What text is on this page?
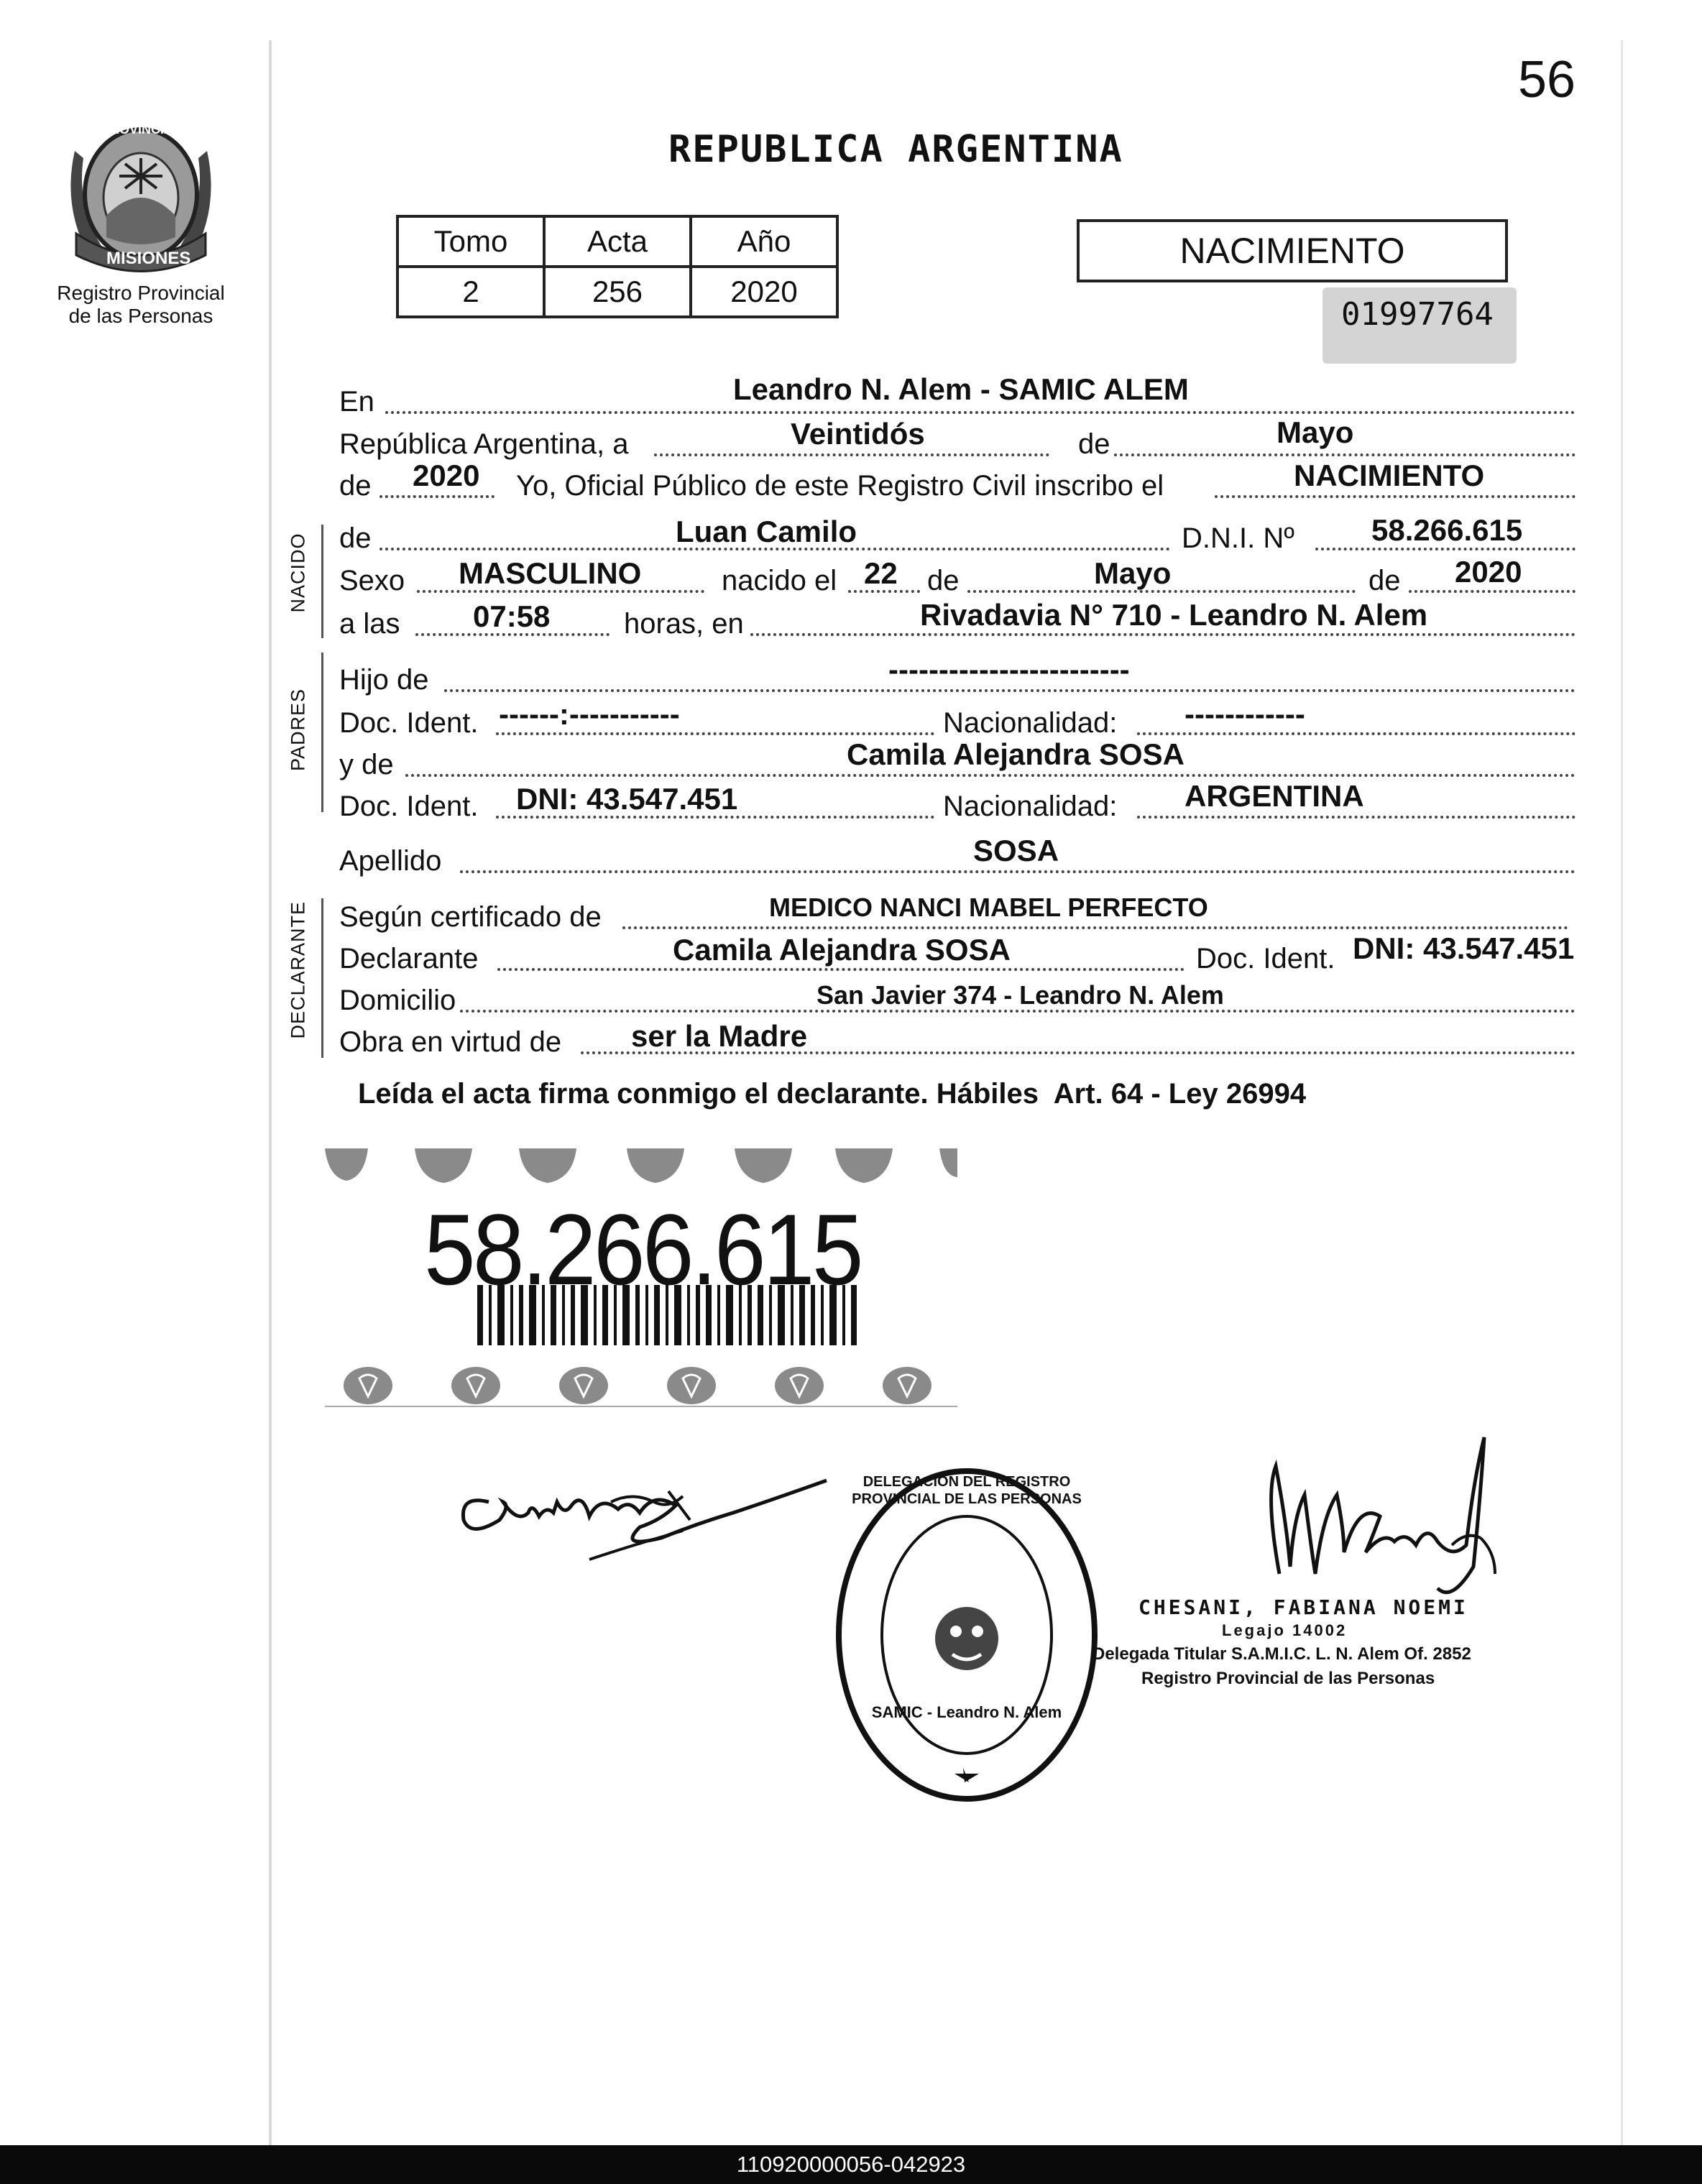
56
PROVINCIA DE
MISIONES
Registro Provincial
de las Personas
REPUBLICA ARGENTINA
Tomo	Acta	Año
2	256	2020
NACIMIENTO
01997764
NACIDO
PADRES
DECLARANTE
En	Leandro N. Alem - SAMIC ALEM
República Argentina, a	Veintidós	de	Mayo
de 2020 Yo, Oficial Público de este Registro Civil inscribo el	NACIMIENTO
de	Luan Camilo	D.N.I. Nº	58.266.615
Sexo MASCULINO	nacido el 22 de	Mayo	de 2020
a las 07:58	horas, en	Rivadavia N° 710 - Leandro N. Alem
Hijo de	------------------------
Doc. Ident. ------:-----------	Nacionalidad: ------------
y de	Camila Alejandra SOSA
Doc. Ident. DNI: 43.547.451	Nacionalidad: ARGENTINA
Apellido	SOSA
Según certificado de	MEDICO NANCI MABEL PERFECTO
Declarante	Camila Alejandra SOSA	Doc. Ident. DNI: 43.547.451
Domicilio	San Javier 374 - Leandro N. Alem
Obra en virtud de ser la Madre
Leída el acta firma conmigo el declarante. Hábiles  Art. 64 - Ley 26994
58.266.615
DELEGACION DEL REGISTRO PROVINCIAL DE LAS PERSONAS
SAMIC - Leandro N. Alem
CHESANI, FABIANA NOEMI
Legajo 14002
Delegada Titular S.A.M.I.C. L. N. Alem Of. 2852
Registro Provincial de las Personas
110920000056-042923
